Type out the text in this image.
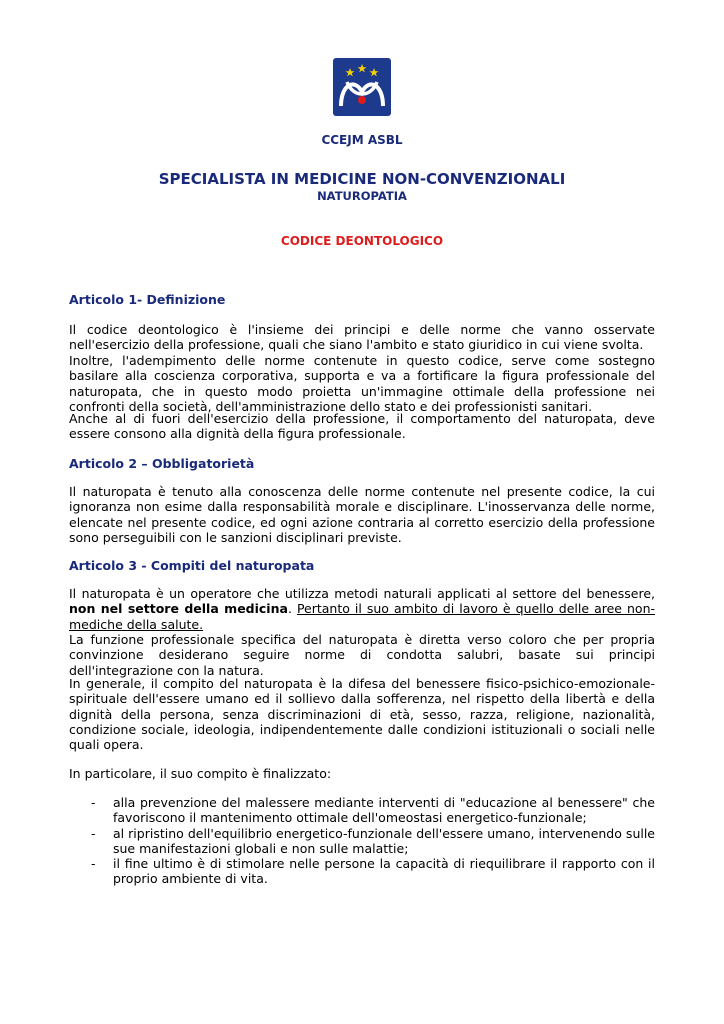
CCEJM ASBL
SPECIALISTA IN MEDICINE NON-CONVENZIONALI
NATUROPATIA
CODICE DEONTOLOGICO
Articolo 1- Definizione

Il codice deontologico è l'insieme dei principi e delle norme che vanno osservate nell'esercizio della professione, quali che siano l'ambito e stato giuridico in cui viene svolta.

Inoltre, l'adempimento delle norme contenute in questo codice, serve come sostegno basilare alla coscienza corporativa, supporta e va a fortificare la figura professionale del naturopata, che in questo modo proietta un'immagine ottimale della professione nei confronti della società, dell'amministrazione dello stato e dei professionisti sanitari.

Anche al di fuori dell'esercizio della professione, il comportamento del naturopata, deve essere consono alla dignità della figura professionale.

Articolo 2 – Obbligatorietà

Il naturopata è tenuto alla conoscenza delle norme contenute nel presente codice, la cui ignoranza non esime dalla responsabilità morale e disciplinare. L'inosservanza delle norme, elencate nel presente codice, ed ogni azione contraria al corretto esercizio della professione sono perseguibili con le sanzioni disciplinari previste.

Articolo 3 - Compiti del naturopata

Il naturopata è un operatore che utilizza metodi naturali applicati al settore del benessere, non nel settore della medicina. Pertanto il suo ambito di lavoro è quello delle aree non-mediche della salute.

La funzione professionale specifica del naturopata è diretta verso coloro che per propria convinzione desiderano seguire norme di condotta salubri, basate sui principi dell'integrazione con la natura.

In generale, il compito del naturopata è la difesa del benessere fisico-psichico-emozionale-spirituale dell'essere umano ed il sollievo dalla sofferenza, nel rispetto della libertà e della dignità della persona, senza discriminazioni di età, sesso, razza, religione, nazionalità, condizione sociale, ideologia, indipendentemente dalle condizioni istituzionali o sociali nelle quali opera.

In particolare, il suo compito è finalizzato:

- alla prevenzione del malessere mediante interventi di "educazione al benessere" che favoriscono il mantenimento ottimale dell'omeostasi energetico-funzionale;
- al ripristino dell'equilibrio energetico-funzionale dell'essere umano, intervenendo sulle sue manifestazioni globali e non sulle malattie;
- il fine ultimo è di stimolare nelle persone la capacità di riequilibrare il rapporto con il proprio ambiente di vita.
